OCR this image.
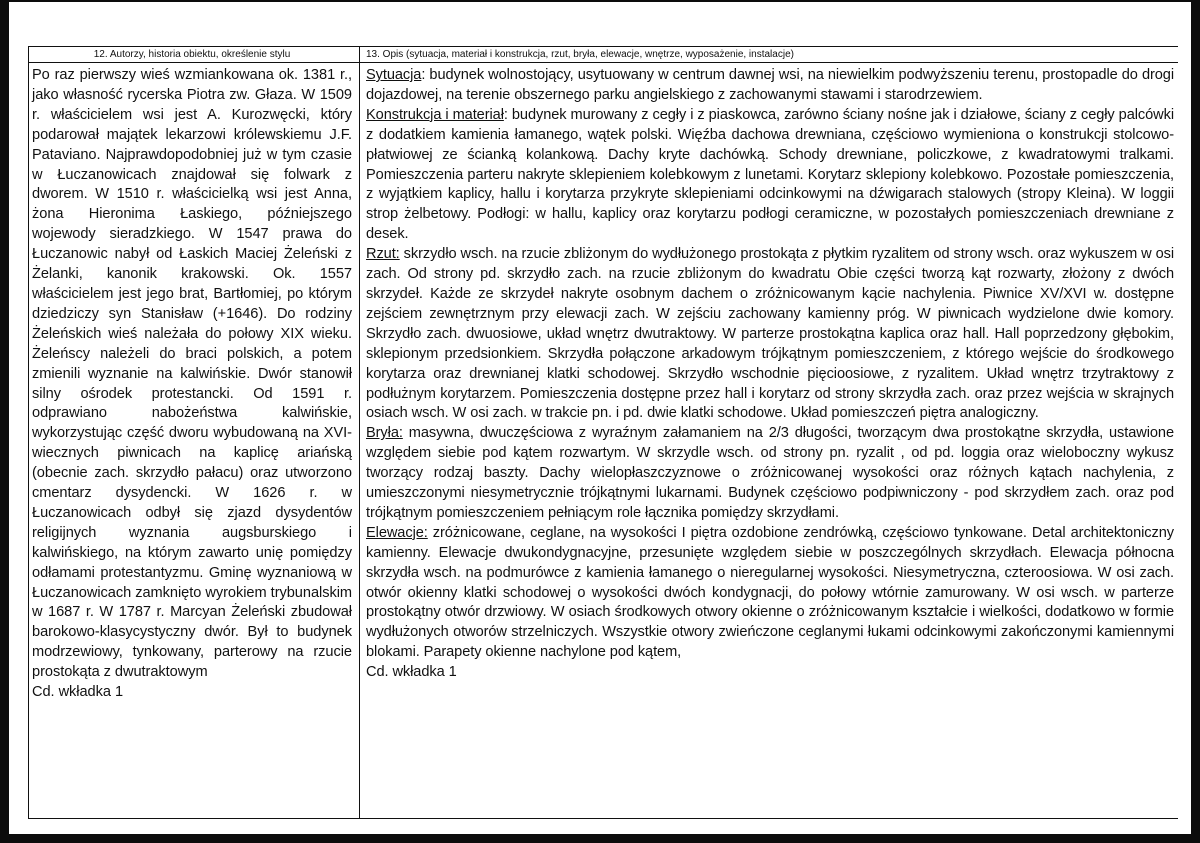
12. Autorzy, historia obiektu, określenie stylu	13. Opis (sytuacja, materiał i konstrukcja, rzut, bryła, elewacje, wnętrze, wyposażenie, instalacje)
Po raz pierwszy wieś wzmiankowana ok. 1381 r., jako własność rycerska Piotra zw. Głaza. W 1509 r. właścicielem wsi jest A. Kurozwęcki, który podarował majątek lekarzowi królewskiemu J.F. Pataviano. Najprawdopodobniej już w tym czasie w Łuczanowicach znajdował się folwark z dworem. W 1510 r. właścicielką wsi jest Anna, żona Hieronima Łaskiego, późniejszego wojewody sieradzkiego. W 1547 prawa do Łuczanowic nabył od Łaskich Maciej Żeleński z Żelanki, kanonik krakowski. Ok. 1557 właścicielem jest jego brat, Bartłomiej, po którym dziedziczy syn Stanisław (+1646). Do rodziny Żeleńskich wieś należała do połowy XIX wieku. Żeleńscy należeli do braci polskich, a potem zmienili wyznanie na kalwińskie. Dwór stanowił silny ośrodek protestancki. Od 1591 r. odprawiano nabożeństwa kalwińskie, wykorzystując część dworu wybudowaną na XVI-wiecznych piwnicach na kaplicę ariańską (obecnie zach. skrzydło pałacu) oraz utworzono cmentarz dysydencki. W 1626 r. w Łuczanowicach odbył się zjazd dysydentów religijnych wyznania augsburskiego i kalwińskiego, na którym zawarto unię pomiędzy odłamami protestantyzmu. Gminę wyznaniową w Łuczanowicach zamknięto wyrokiem trybunalskim w 1687 r. W 1787 r. Marcyan Żeleński zbudował barokowo-klasycystyczny dwór. Był to budynek modrzewiowy, tynkowany, parterowy na rzucie prostokąta z dwutraktowym
Cd. wkładka 1
Sytuacja: budynek wolnostojący, usytuowany w centrum dawnej wsi, na niewielkim podwyższeniu terenu, prostopadle do drogi dojazdowej, na terenie obszernego parku angielskiego z zachowanymi stawami i starodrzewiem.
Konstrukcja i materiał: budynek murowany z cegły i z piaskowca, zarówno ściany nośne jak i działowe, ściany z cegły palcówki z dodatkiem kamienia łamanego, wątek polski. Więźba dachowa drewniana, częściowo wymieniona o konstrukcji stolcowo-płatwiowej ze ścianką kolankową. Dachy kryte dachówką. Schody drewniane, policzkowe, z kwadratowymi tralkami. Pomieszczenia parteru nakryte sklepieniem kolebkowym z lunetami. Korytarz sklepiony kolebkowo. Pozostałe pomieszczenia, z wyjątkiem kaplicy, hallu i korytarza przykryte sklepieniami odcinkowymi na dźwigarach stalowych (stropy Kleina). W loggii strop żelbetowy. Podłogi: w hallu, kaplicy oraz korytarzu podłogi ceramiczne, w pozostałych pomieszczeniach drewniane z desek.
Rzut: skrzydło wsch. na rzucie zbliżonym do wydłużonego prostokąta z płytkim ryzalitem od strony wsch. oraz wykuszem w osi zach. Od strony pd. skrzydło zach. na rzucie zbliżonym do kwadratu Obie części tworzą kąt rozwarty, złożony z dwóch skrzydeł. Każde ze skrzydeł nakryte osobnym dachem o zróżnicowanym kącie nachylenia. Piwnice XV/XVI w. dostępne zejściem zewnętrznym przy elewacji zach. W zejściu zachowany kamienny próg. W piwnicach wydzielone dwie komory. Skrzydło zach. dwuosiowe, układ wnętrz dwutraktowy. W parterze prostokątna kaplica oraz hall. Hall poprzedzony głębokim, sklepionym przedsionkiem. Skrzydła połączone arkadowym trójkątnym pomieszczeniem, z którego wejście do środkowego korytarza oraz drewnianej klatki schodowej. Skrzydło wschodnie pięcioosiowe, z ryzalitem. Układ wnętrz trzytraktowy z podłużnym korytarzem. Pomieszczenia dostępne przez hall i korytarz od strony skrzydła zach. oraz przez wejścia w skrajnych osiach wsch. W osi zach. w trakcie pn. i pd. dwie klatki schodowe. Układ pomieszczeń piętra analogiczny.
Bryła: masywna, dwuczęściowa z wyraźnym załamaniem na 2/3 długości, tworzącym dwa prostokątne skrzydła, ustawione względem siebie pod kątem rozwartym. W skrzydle wsch. od strony pn. ryzalit , od pd. loggia oraz wieloboczny wykusz tworzący rodzaj baszty. Dachy wielopłaszczyznowe o zróżnicowanej wysokości oraz różnych kątach nachylenia, z umieszczonymi niesymetrycznie trójkątnymi lukarnami. Budynek częściowo podpiwniczony - pod skrzydłem zach. oraz pod trójkątnym pomieszczeniem pełniącym role łącznika pomiędzy skrzydłami.
Elewacje: zróżnicowane, ceglane, na wysokości I piętra ozdobione zendrówką, częściowo tynkowane. Detal architektoniczny kamienny. Elewacje dwukondygnacyjne, przesunięte względem siebie w poszczególnych skrzydłach. Elewacja północna skrzydła wsch. na podmurówce z kamienia łamanego o nieregularnej wysokości. Niesymetryczna, czteroosiowa. W osi zach. otwór okienny klatki schodowej o wysokości dwóch kondygnacji, do połowy wtórnie zamurowany. W osi wsch. w parterze prostokątny otwór drzwiowy. W osiach środkowych otwory okienne o zróżnicowanym kształcie i wielkości, dodatkowo w formie wydłużonych otworów strzelniczych. Wszystkie otwory zwieńczone ceglanymi łukami odcinkowymi zakończonymi kamiennymi blokami. Parapety okienne nachylone pod kątem,
Cd. wkładka 1
